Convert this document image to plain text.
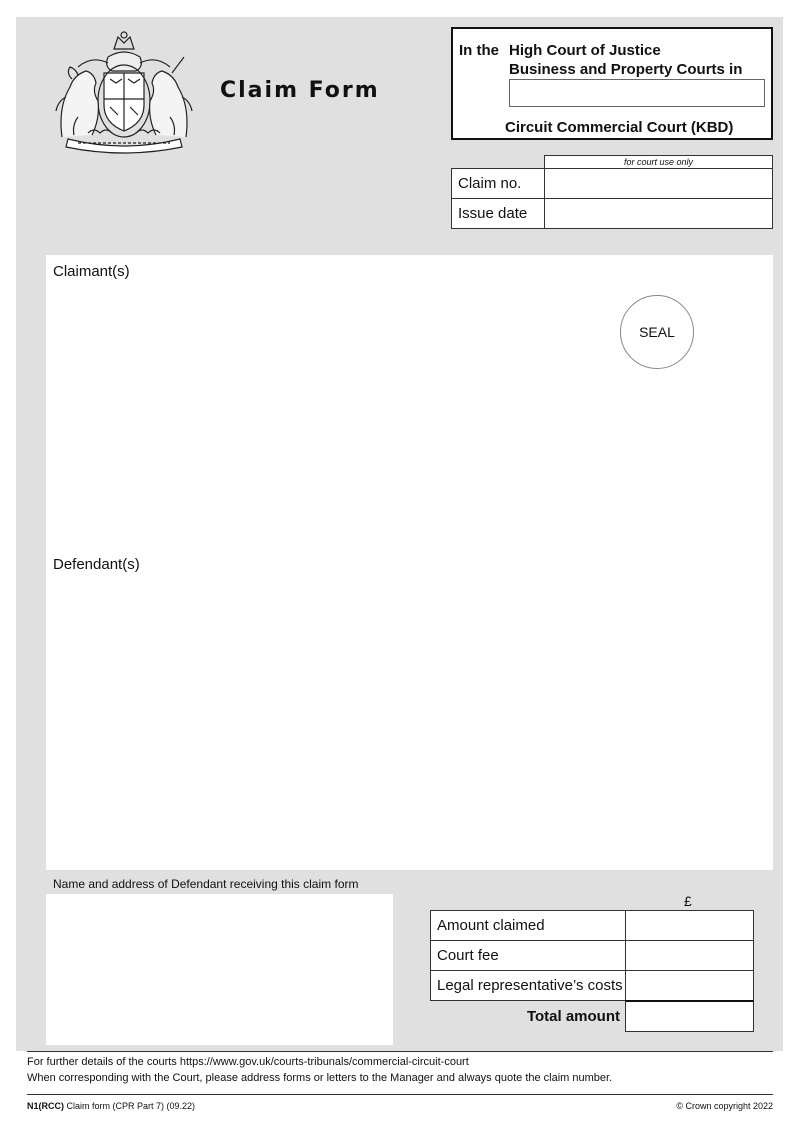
Claim Form
In the High Court of Justice
Business and Property Courts in
Circuit Commercial Court (KBD)
for court use only
Claim no.
Issue date
Claimant(s)
SEAL
Defendant(s)
Name and address of Defendant receiving this claim form
£
Amount claimed
Court fee
Legal representative’s costs
Total amount
For further details of the courts https://www.gov.uk/courts-tribunals/commercial-circuit-court
When corresponding with the Court, please address forms or letters to the Manager and always quote the claim number.
N1(RCC) Claim form (CPR Part 7) (09.22)	© Crown copyright 2022
